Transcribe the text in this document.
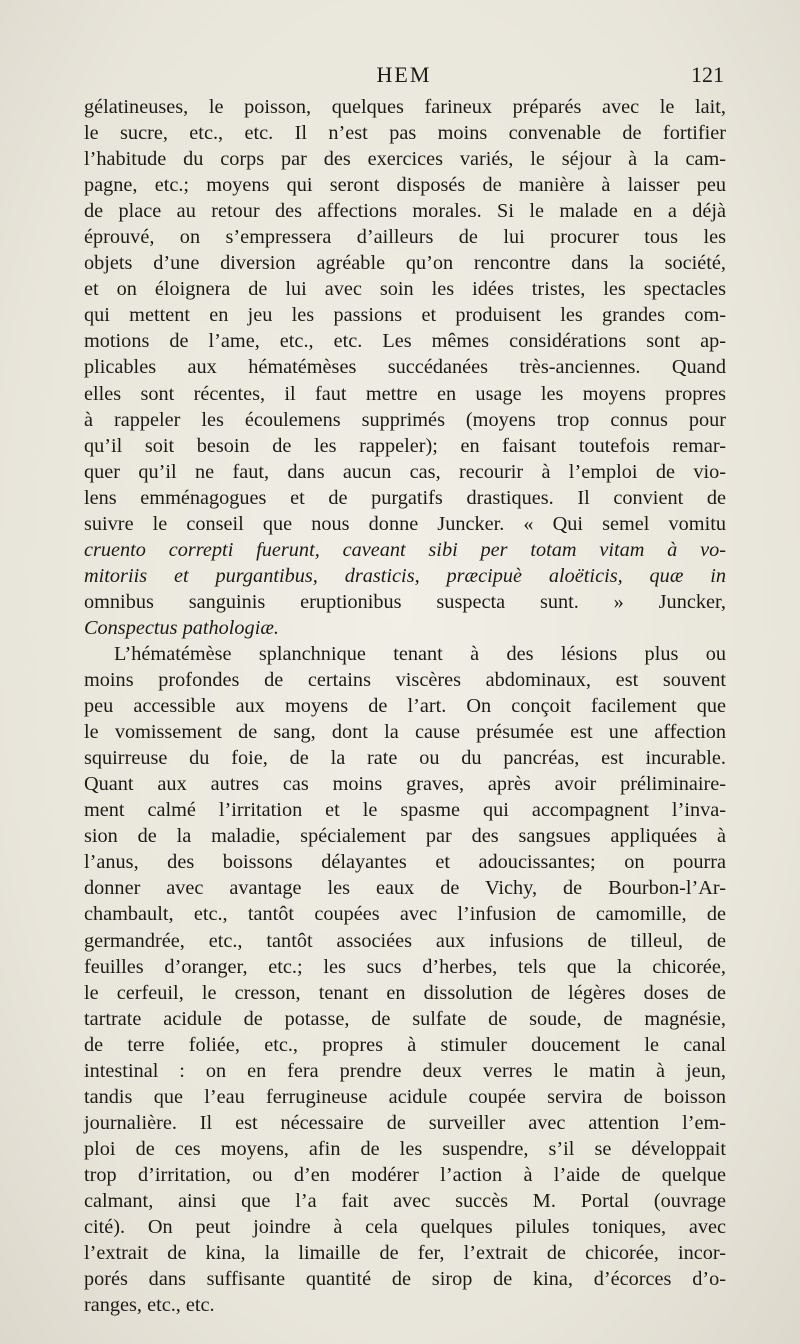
HEM	121
gélatineuses, le poisson, quelques farineux préparés avec le lait,
le sucre, etc., etc. Il n’est pas moins convenable de fortifier
l’habitude du corps par des exercices variés, le séjour à la cam-
pagne, etc.; moyens qui seront disposés de manière à laisser peu
de place au retour des affections morales. Si le malade en a déjà
éprouvé, on s’empressera d’ailleurs de lui procurer tous les
objets d’une diversion agréable qu’on rencontre dans la société,
et on éloignera de lui avec soin les idées tristes, les spectacles
qui mettent en jeu les passions et produisent les grandes com-
motions de l’ame, etc., etc. Les mêmes considérations sont ap-
plicables aux hématémèses succédanées très-anciennes. Quand
elles sont récentes, il faut mettre en usage les moyens propres
à rappeler les écoulemens supprimés (moyens trop connus pour
qu’il soit besoin de les rappeler); en faisant toutefois remar-
quer qu’il ne faut, dans aucun cas, recourir à l’emploi de vio-
lens emménagogues et de purgatifs drastiques. Il convient de
suivre le conseil que nous donne Juncker. « Qui semel vomitu
cruento correpti fuerunt, caveant sibi per totam vitam à vo-
mitoriis et purgantibus, drasticis, præcipuè aloëticis, quæ in
omnibus sanguinis eruptionibus suspecta sunt. » Juncker,
Conspectus pathologiæ.
L’hématémèse splanchnique tenant à des lésions plus ou
moins profondes de certains viscères abdominaux, est souvent
peu accessible aux moyens de l’art. On conçoit facilement que
le vomissement de sang, dont la cause présumée est une affection
squirreuse du foie, de la rate ou du pancréas, est incurable.
Quant aux autres cas moins graves, après avoir préliminaire-
ment calmé l’irritation et le spasme qui accompagnent l’inva-
sion de la maladie, spécialement par des sangsues appliquées à
l’anus, des boissons délayantes et adoucissantes; on pourra
donner avec avantage les eaux de Vichy, de Bourbon-l’Ar-
chambault, etc., tantôt coupées avec l’infusion de camomille, de
germandrée, etc., tantôt associées aux infusions de tilleul, de
feuilles d’oranger, etc.; les sucs d’herbes, tels que la chicorée,
le cerfeuil, le cresson, tenant en dissolution de légères doses de
tartrate acidule de potasse, de sulfate de soude, de magnésie,
de terre foliée, etc., propres à stimuler doucement le canal
intestinal : on en fera prendre deux verres le matin à jeun,
tandis que l’eau ferrugineuse acidule coupée servira de boisson
journalière. Il est nécessaire de surveiller avec attention l’em-
ploi de ces moyens, afin de les suspendre, s’il se développait
trop d’irritation, ou d’en modérer l’action à l’aide de quelque
calmant, ainsi que l’a fait avec succès M. Portal (ouvrage
cité). On peut joindre à cela quelques pilules toniques, avec
l’extrait de kina, la limaille de fer, l’extrait de chicorée, incor-
porés dans suffisante quantité de sirop de kina, d’écorces d’o-
ranges, etc., etc.
